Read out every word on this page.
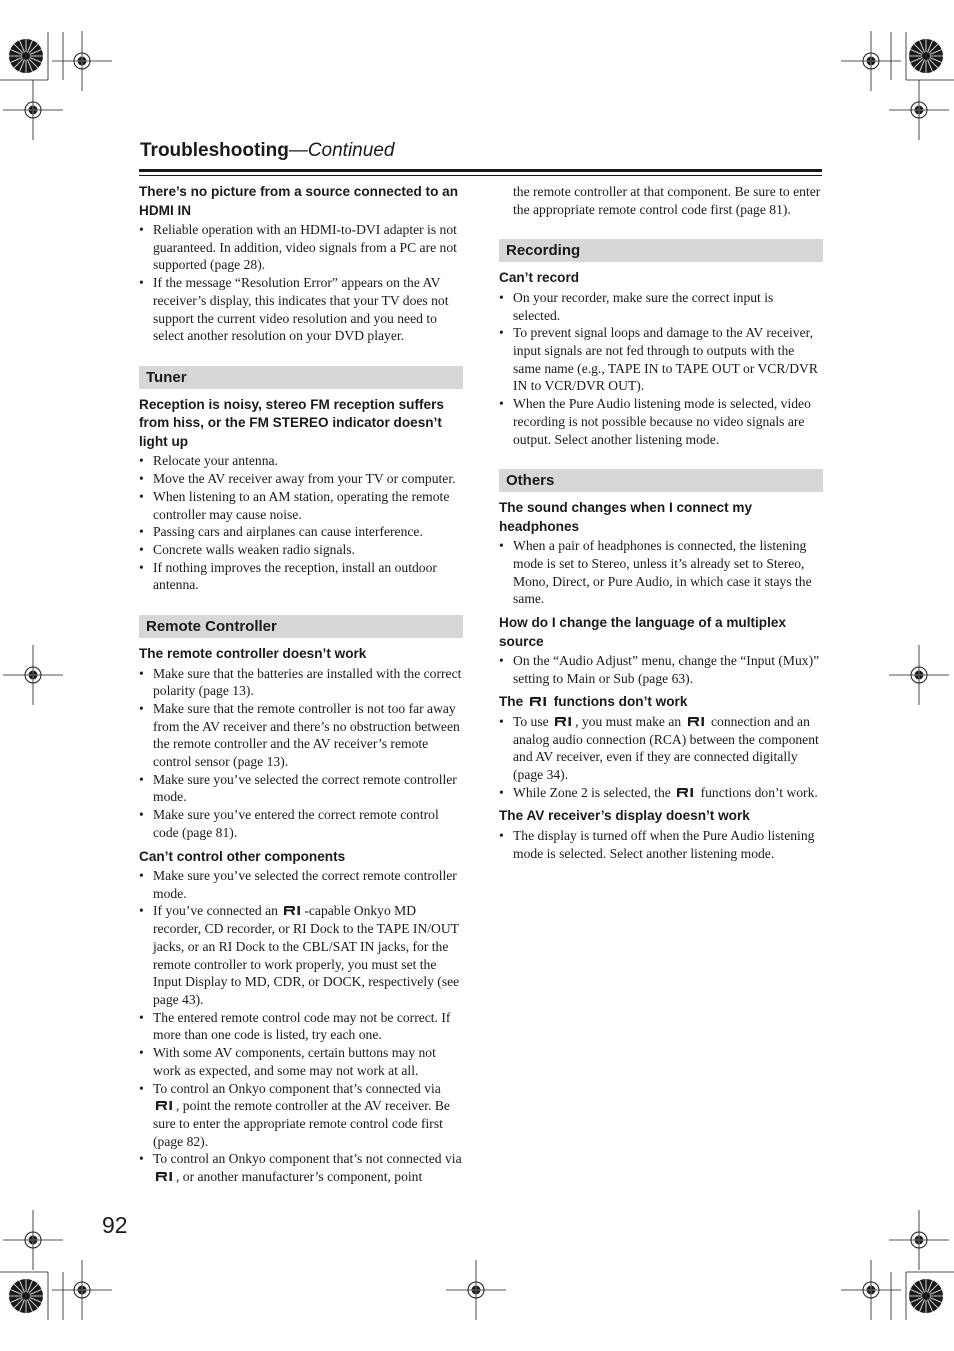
Troubleshooting—Continued
There’s no picture from a source connected to an HDMI IN
• Reliable operation with an HDMI-to-DVI adapter is not guaranteed. In addition, video signals from a PC are not supported (page 28).
• If the message “Resolution Error” appears on the AV receiver’s display, this indicates that your TV does not support the current video resolution and you need to select another resolution on your DVD player.
Tuner
Reception is noisy, stereo FM reception suffers from hiss, or the FM STEREO indicator doesn’t light up
• Relocate your antenna.
• Move the AV receiver away from your TV or computer.
• When listening to an AM station, operating the remote controller may cause noise.
• Passing cars and airplanes can cause interference.
• Concrete walls weaken radio signals.
• If nothing improves the reception, install an outdoor antenna.
Remote Controller
The remote controller doesn’t work
• Make sure that the batteries are installed with the correct polarity (page 13).
• Make sure that the remote controller is not too far away from the AV receiver and there’s no obstruction between the remote controller and the AV receiver’s remote control sensor (page 13).
• Make sure you’ve selected the correct remote controller mode.
• Make sure you’ve entered the correct remote control code (page 81).
Can’t control other components
• Make sure you’ve selected the correct remote controller mode.
• If you’ve connected an -capable Onkyo MD recorder, CD recorder, or RI Dock to the TAPE IN/OUT jacks, or an RI Dock to the CBL/SAT IN jacks, for the remote controller to work properly, you must set the Input Display to MD, CDR, or DOCK, respectively (see page 43).
• The entered remote control code may not be correct. If more than one code is listed, try each one.
• With some AV components, certain buttons may not work as expected, and some may not work at all.
• To control an Onkyo component that’s connected via , point the remote controller at the AV receiver. Be sure to enter the appropriate remote control code first (page 82).
• To control an Onkyo component that’s not connected via , or another manufacturer’s component, point
the remote controller at that component. Be sure to enter the appropriate remote control code first (page 81).
Recording
Can’t record
• On your recorder, make sure the correct input is selected.
• To prevent signal loops and damage to the AV receiver, input signals are not fed through to outputs with the same name (e.g., TAPE IN to TAPE OUT or VCR/DVR IN to VCR/DVR OUT).
• When the Pure Audio listening mode is selected, video recording is not possible because no video signals are output. Select another listening mode.
Others
The sound changes when I connect my headphones
• When a pair of headphones is connected, the listening mode is set to Stereo, unless it’s already set to Stereo, Mono, Direct, or Pure Audio, in which case it stays the same.
How do I change the language of a multiplex source
• On the “Audio Adjust” menu, change the “Input (Mux)” setting to Main or Sub (page 63).
The functions don’t work
• To use , you must make an connection and an analog audio connection (RCA) between the component and AV receiver, even if they are connected digitally (page 34).
• While Zone 2 is selected, the functions don’t work.
The AV receiver’s display doesn’t work
• The display is turned off when the Pure Audio listening mode is selected. Select another listening mode.
92
